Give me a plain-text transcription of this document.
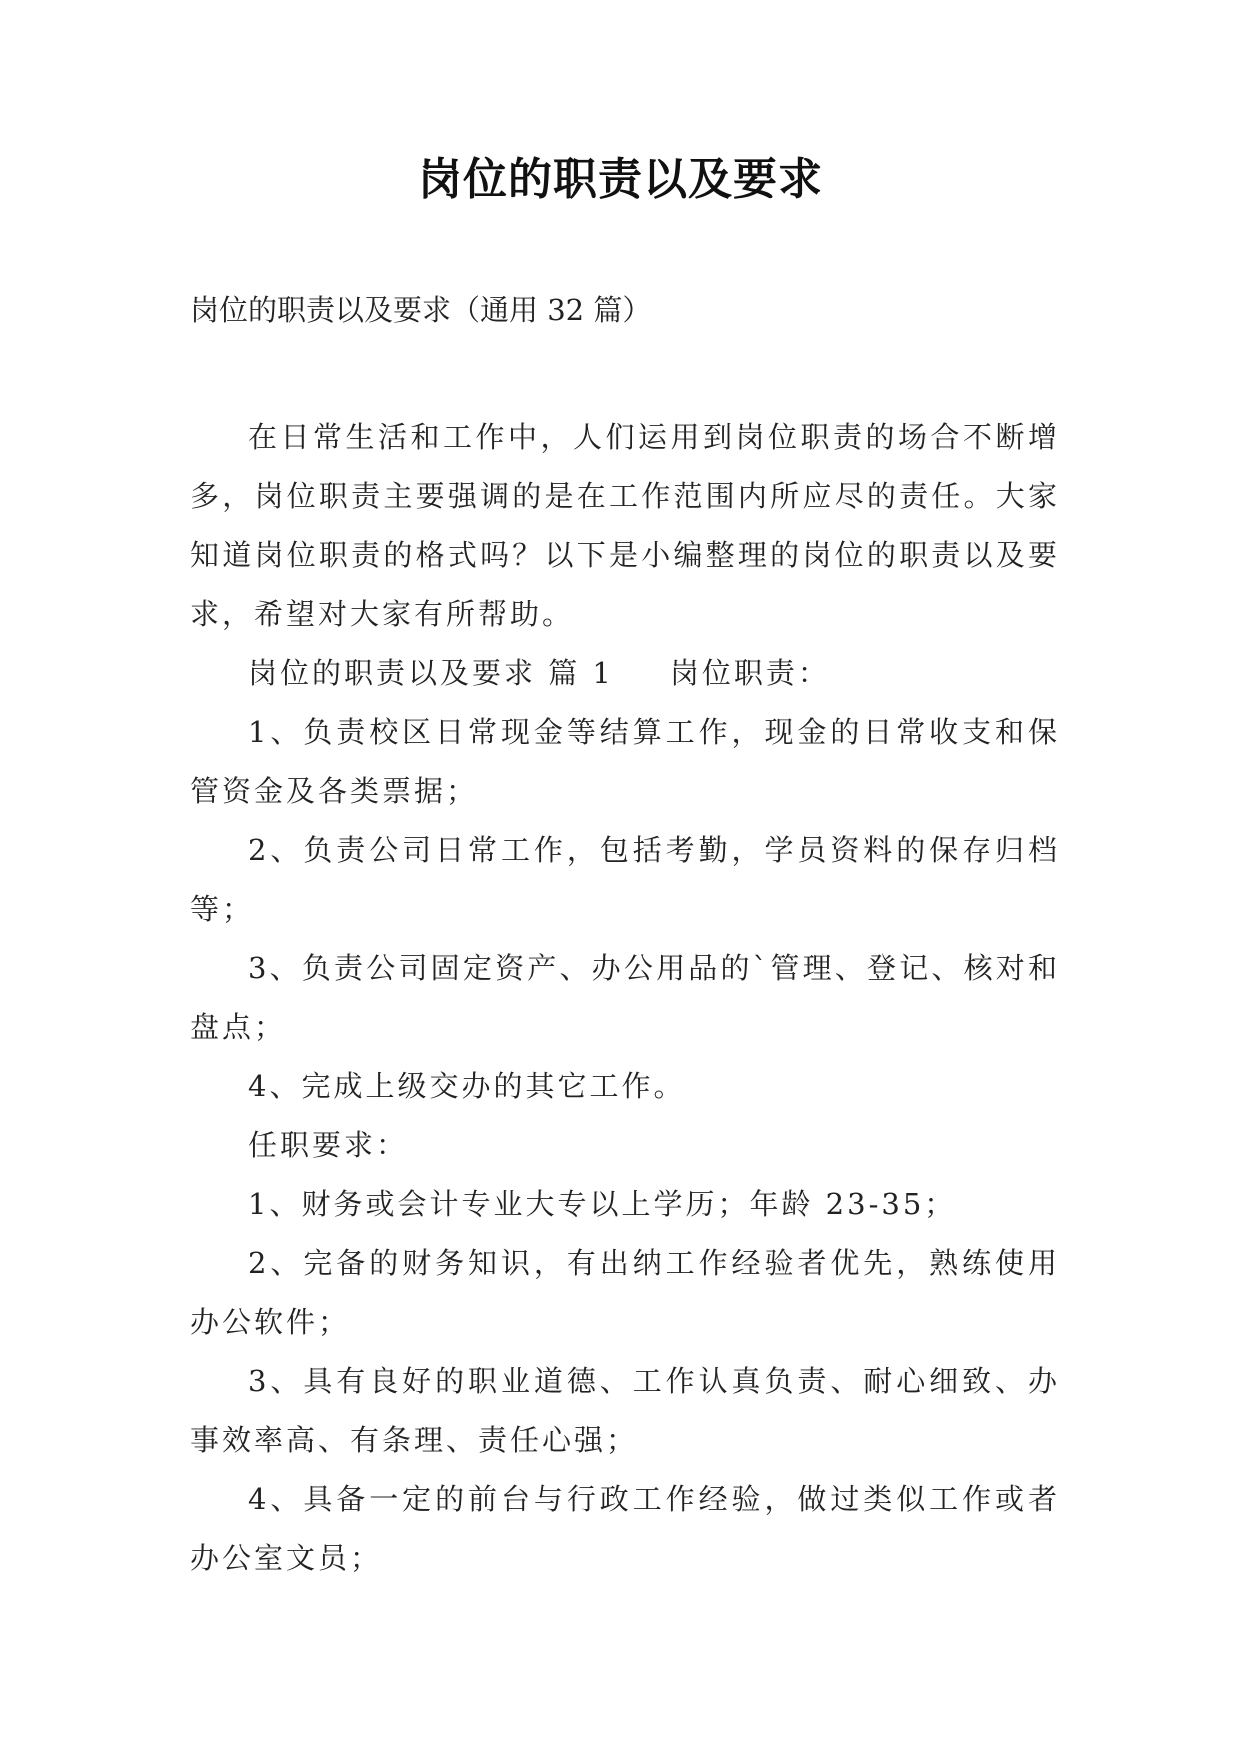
岗位的职责以及要求
岗位的职责以及要求（通用 32 篇）

在日常生活和工作中，人们运用到岗位职责的场合不断增多，岗位职责主要强调的是在工作范围内所应尽的责任。大家知道岗位职责的格式吗？以下是小编整理的岗位的职责以及要求，希望对大家有所帮助。

岗位的职责以及要求 篇 1 岗位职责：

1、负责校区日常现金等结算工作，现金的日常收支和保管资金及各类票据；

2、负责公司日常工作，包括考勤，学员资料的保存归档等；

3、负责公司固定资产、办公用品的`管理、登记、核对和盘点；

4、完成上级交办的其它工作。

任职要求：

1、财务或会计专业大专以上学历；年龄 23-35；

2、完备的财务知识，有出纳工作经验者优先，熟练使用办公软件；

3、具有良好的职业道德、工作认真负责、耐心细致、办事效率高、有条理、责任心强；

4、具备一定的前台与行政工作经验，做过类似工作或者办公室文员；
